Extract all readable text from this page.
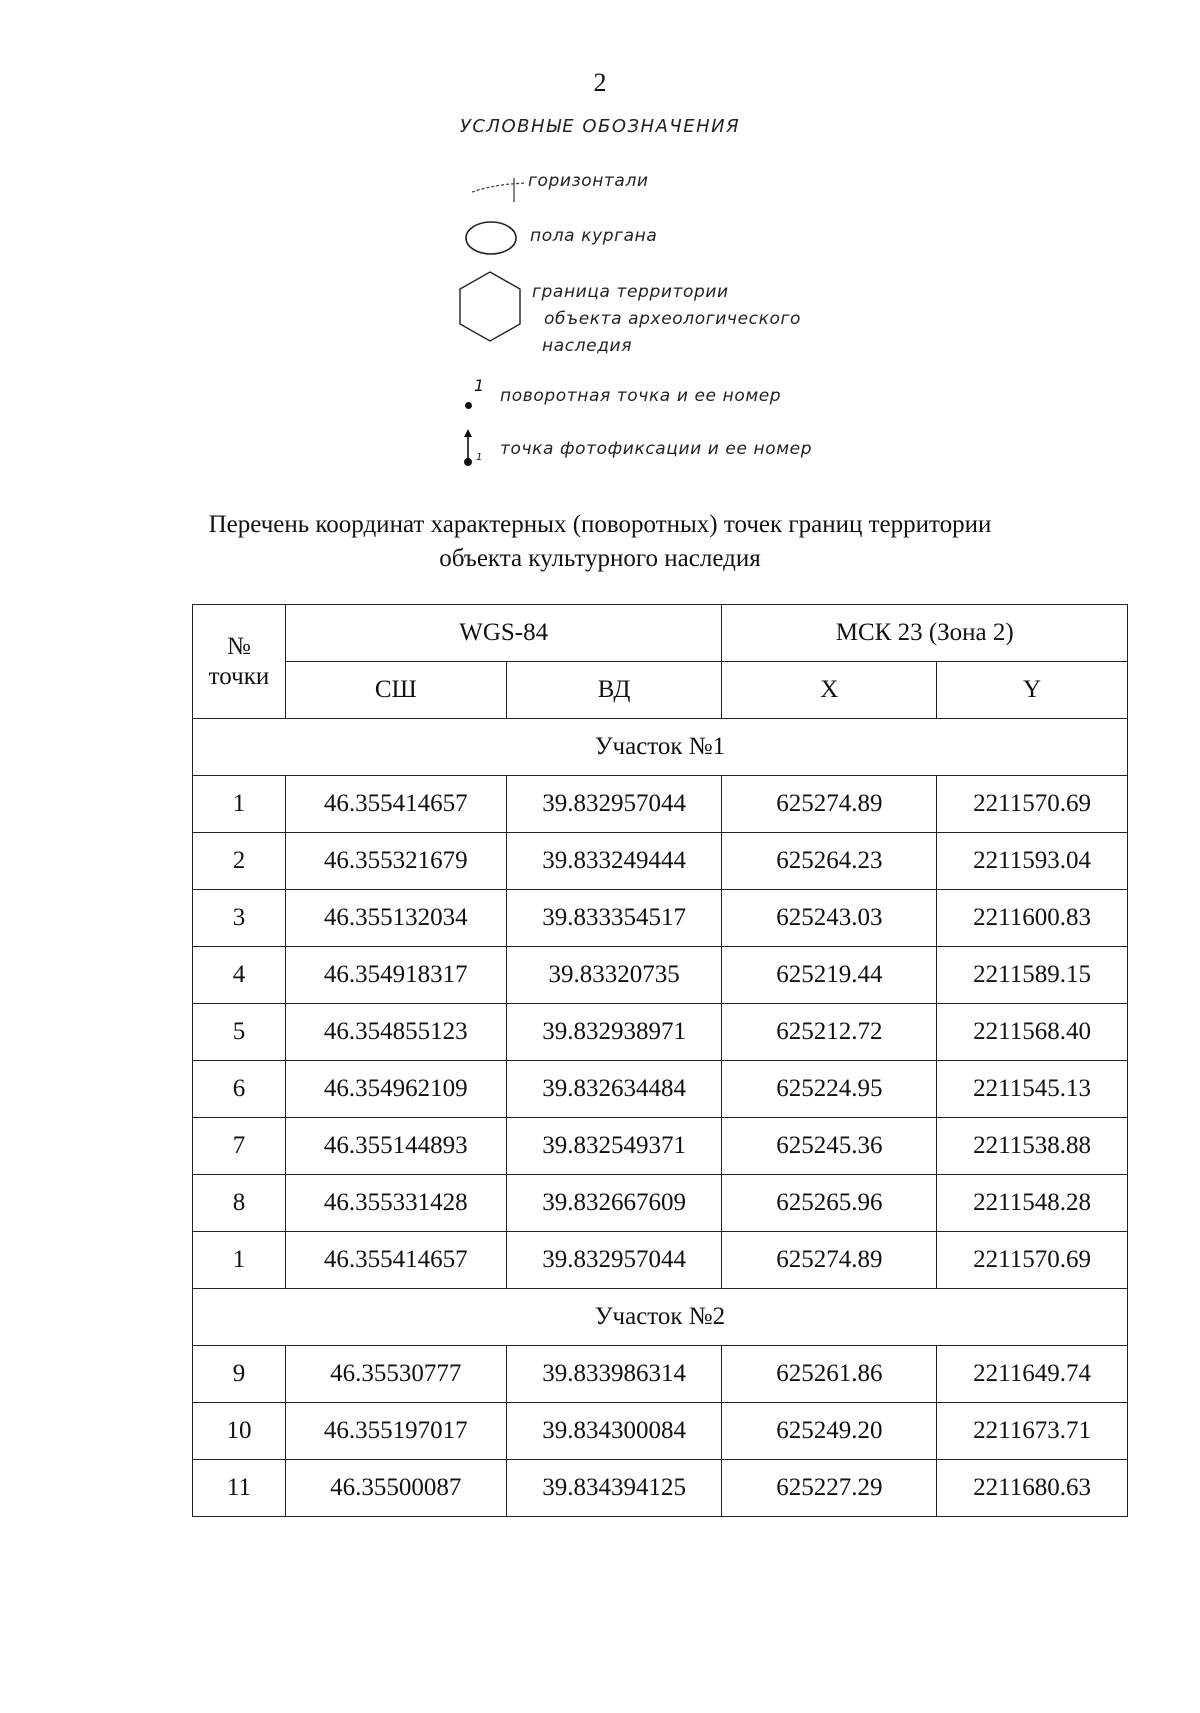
2
УСЛОВНЫЕ ОБОЗНАЧЕНИЯ
горизонтали
пола кургана
граница территории
объекта археологического
наследия
1
поворотная точка и ее номер
1 точка фотофиксации и ее номер
Перечень координат характерных (поворотных) точек границ территории
объекта культурного наследия
№
точки	WGS-84		МСК 23 (Зона 2)	
	СШ	ВД	X	Y
Участок №1				
1	46.355414657	39.832957044	625274.89	2211570.69
2	46.355321679	39.833249444	625264.23	2211593.04
3	46.355132034	39.833354517	625243.03	2211600.83
4	46.354918317	39.83320735	625219.44	2211589.15
5	46.354855123	39.832938971	625212.72	2211568.40
6	46.354962109	39.832634484	625224.95	2211545.13
7	46.355144893	39.832549371	625245.36	2211538.88
8	46.355331428	39.832667609	625265.96	2211548.28
1	46.355414657	39.832957044	625274.89	2211570.69
Участок №2				
9	46.35530777	39.833986314	625261.86	2211649.74
10	46.355197017	39.834300084	625249.20	2211673.71
11	46.35500087	39.834394125	625227.29	2211680.63
